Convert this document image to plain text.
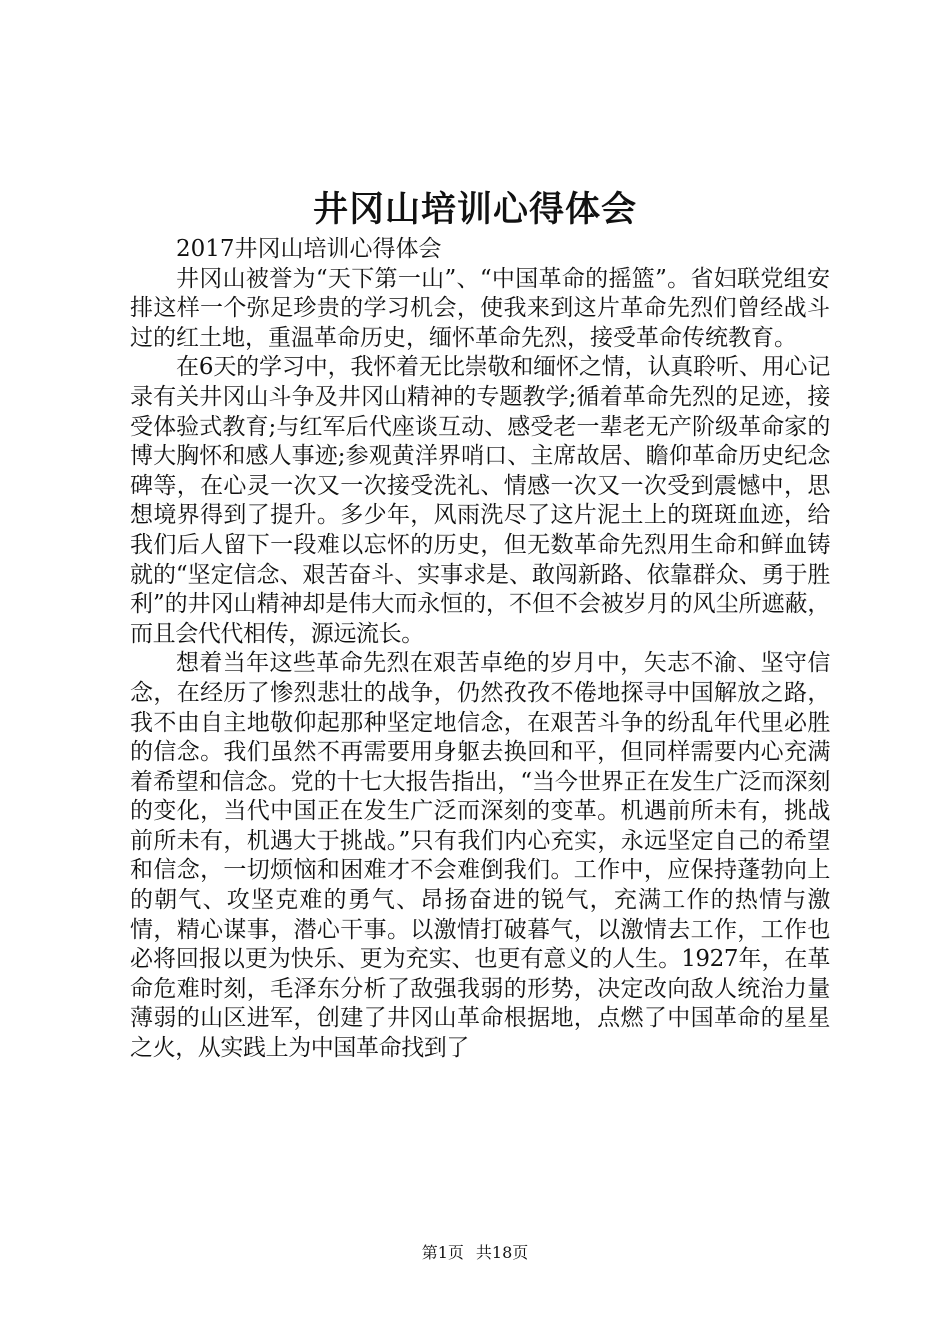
井冈山培训心得体会

2017井冈山培训心得体会

井冈山被誉为“天下第一山”、“中国革命的摇篮”。省妇联党组安排这样一个弥足珍贵的学习机会，使我来到这片革命先烈们曾经战斗过的红土地，重温革命历史，缅怀革命先烈，接受革命传统教育。

在6天的学习中，我怀着无比崇敬和缅怀之情，认真聆听、用心记录有关井冈山斗争及井冈山精神的专题教学;循着革命先烈的足迹，接受体验式教育;与红军后代座谈互动、感受老一辈老无产阶级革命家的博大胸怀和感人事迹;参观黄洋界哨口、主席故居、瞻仰革命历史纪念碑等，在心灵一次又一次接受洗礼、情感一次又一次受到震憾中，思想境界得到了提升。多少年，风雨洗尽了这片泥土上的斑斑血迹，给我们后人留下一段难以忘怀的历史，但无数革命先烈用生命和鲜血铸就的“坚定信念、艰苦奋斗、实事求是、敢闯新路、依靠群众、勇于胜利”的井冈山精神却是伟大而永恒的，不但不会被岁月的风尘所遮蔽，而且会代代相传，源远流长。

想着当年这些革命先烈在艰苦卓绝的岁月中，矢志不渝、坚守信念，在经历了惨烈悲壮的战争，仍然孜孜不倦地探寻中国解放之路，我不由自主地敬仰起那种坚定地信念，在艰苦斗争的纷乱年代里必胜的信念。我们虽然不再需要用身躯去换回和平，但同样需要内心充满着希望和信念。党的十七大报告指出，“当今世界正在发生广泛而深刻的变化，当代中国正在发生广泛而深刻的变革。机遇前所未有，挑战前所未有，机遇大于挑战。”只有我们内心充实，永远坚定自己的希望和信念，一切烦恼和困难才不会难倒我们。工作中，应保持蓬勃向上的朝气、攻坚克难的勇气、昂扬奋进的锐气，充满工作的热情与激情，精心谋事，潜心干事。以激情打破暮气，以激情去工作，工作也必将回报以更为快乐、更为充实、也更有意义的人生。1927年，在革命危难时刻，毛泽东分析了敌强我弱的形势，决定改向敌人统治力量薄弱的山区进军，创建了井冈山革命根据地，点燃了中国革命的星星之火，从实践上为中国革命找到了

第1页 共18页
